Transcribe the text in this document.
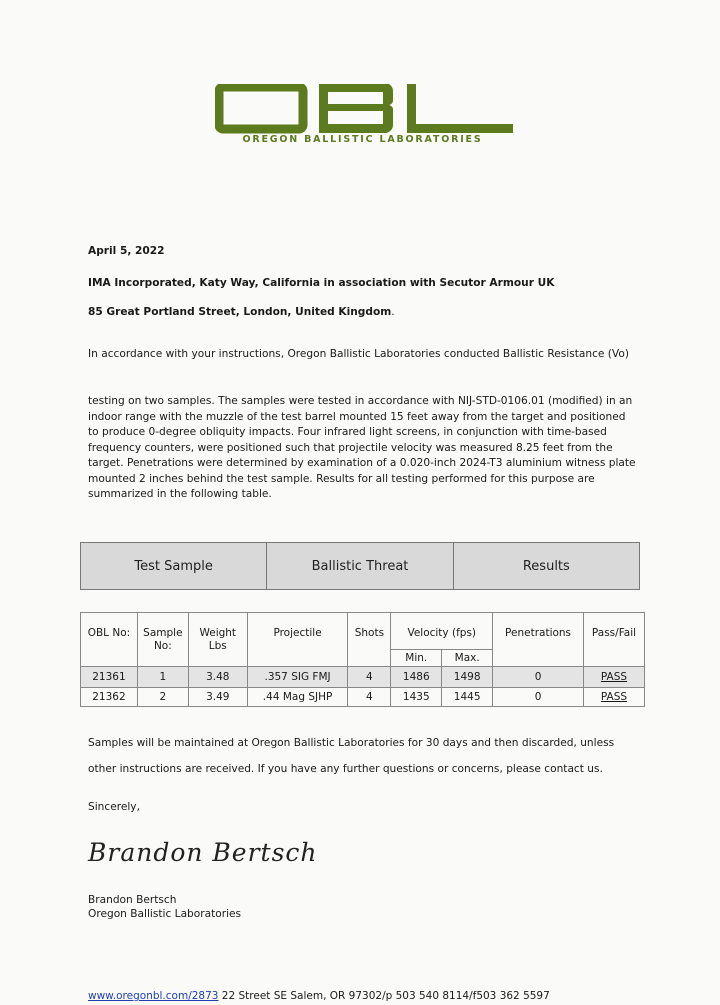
OREGON BALLISTIC LABORATORIES
April 5, 2022
IMA Incorporated, Katy Way, California in association with Secutor Armour UK
85 Great Portland Street, London, United Kingdom.
In accordance with your instructions, Oregon Ballistic Laboratories conducted Ballistic Resistance (Vo)
testing on two samples. The samples were tested in accordance with NIJ-STD-0106.01 (modified) in an indoor range with the muzzle of the test barrel mounted 15 feet away from the target and positioned to produce 0-degree obliquity impacts. Four infrared light screens, in conjunction with time-based frequency counters, were positioned such that projectile velocity was measured 8.25 feet from the target. Penetrations were determined by examination of a 0.020-inch 2024-T3 aluminium witness plate mounted 2 inches behind the test sample. Results for all testing performed for this purpose are summarized in the following table.
Test Sample	Ballistic Threat	Results
OBL No:	Sample No:	Weight Lbs	Projectile	Shots	Velocity (fps)		Penetrations	Pass/Fail
					Min.	Max.		
21361	1	3.48	.357 SIG FMJ	4	1486	1498	0	PASS
21362	2	3.49	.44 Mag SJHP	4	1435	1445	0	PASS
Samples will be maintained at Oregon Ballistic Laboratories for 30 days and then discarded, unless
other instructions are received. If you have any further questions or concerns, please contact us.
Sincerely,
Brandon Bertsch
Brandon Bertsch
Oregon Ballistic Laboratories
www.oregonbl.com/2873 22 Street SE Salem, OR 97302/p 503 540 8114/f503 362 5597
